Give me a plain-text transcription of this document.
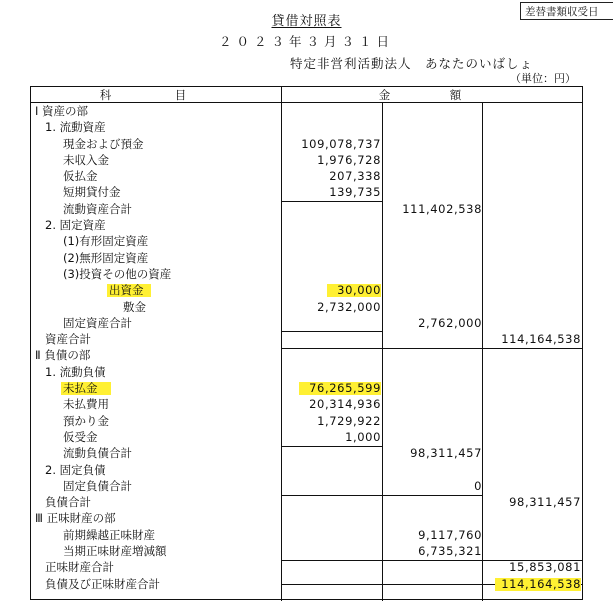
差替書類収受日
貸借対照表
２０２３年３月３１日
特定非営利活動法人　あなたのいばしょ
（単位：円）
科　目	金　額
Ⅰ 資産の部
1. 流動資産
現金および預金	109,078,737
未収入金	1,976,728
仮払金	207,338
短期貸付金	139,735
流動資産合計	111,402,538
2. 固定資産
(1)有形固定資産
(2)無形固定資産
(3)投資その他の資産
出資金	30,000
敷金	2,732,000
固定資産合計	2,762,000
資産合計	114,164,538
Ⅱ 負債の部
1. 流動負債
未払金	76,265,599
未払費用	20,314,936
預かり金	1,729,922
仮受金	1,000
流動負債合計	98,311,457
2. 固定負債
固定負債合計	0
負債合計	98,311,457
Ⅲ 正味財産の部
前期繰越正味財産	9,117,760
当期正味財産増減額	6,735,321
正味財産合計	15,853,081
負債及び正味財産合計	114,164,538
